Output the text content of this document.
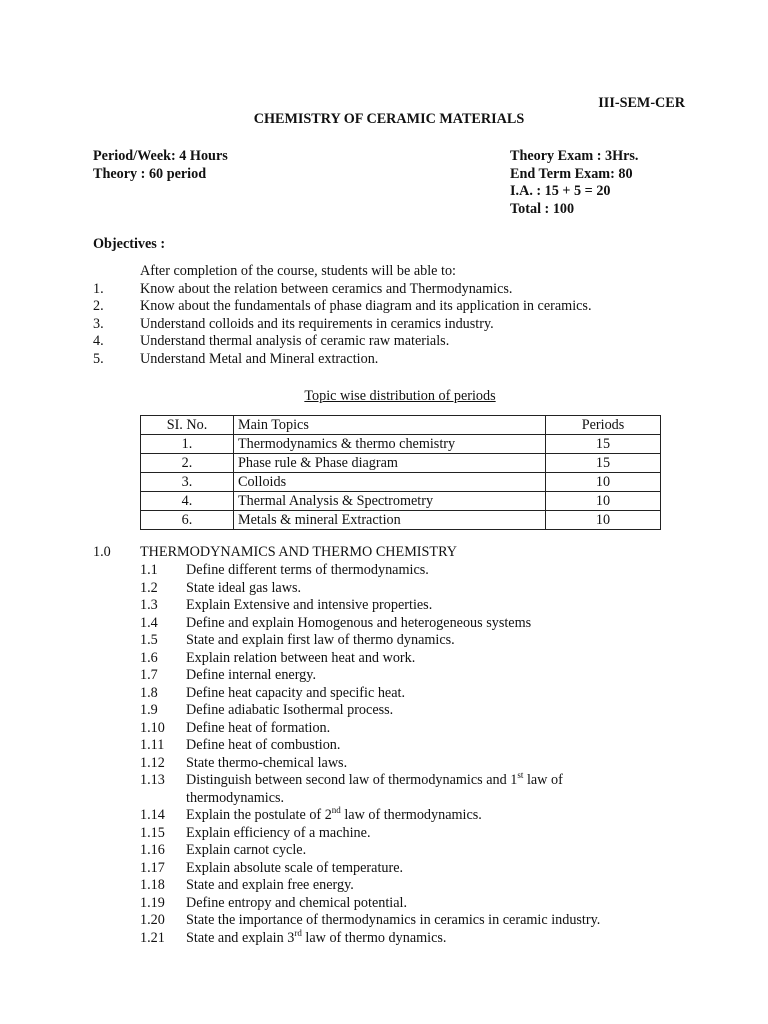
III-SEM-CER
CHEMISTRY OF CERAMIC MATERIALS
Period/Week: 4 Hours
Theory : 60 period
Theory Exam : 3Hrs.
End Term Exam: 80
I.A. : 15 + 5 = 20
Total : 100
Objectives :
After completion of the course, students will be able to:
1.	Know about the relation between ceramics and Thermodynamics.
2.	Know about the fundamentals of phase diagram and its application in ceramics.
3.	Understand colloids and its requirements in ceramics industry.
4.	Understand thermal analysis of ceramic raw materials.
5.	Understand Metal and Mineral extraction.
Topic wise distribution of periods
SI. No.	Main Topics	Periods
1.	Thermodynamics & thermo chemistry	15
2.	Phase rule & Phase diagram	15
3.	Colloids	10
4.	Thermal Analysis & Spectrometry	10
6.	Metals & mineral Extraction	10
1.0 THERMODYNAMICS AND THERMO CHEMISTRY
1.1	Define different terms of thermodynamics.
1.2	State ideal gas laws.
1.3	Explain Extensive and intensive properties.
1.4	Define and explain Homogenous and heterogeneous systems
1.5	State and explain first law of thermo dynamics.
1.6	Explain relation between heat and work.
1.7	Define internal energy.
1.8	Define heat capacity and specific heat.
1.9	Define adiabatic Isothermal process.
1.10	Define heat of formation.
1.11	Define heat of combustion.
1.12	State thermo-chemical laws.
1.13	Distinguish between second law of thermodynamics and 1st law of thermodynamics.
1.14	Explain the postulate of 2nd law of thermodynamics.
1.15	Explain efficiency of a machine.
1.16	Explain carnot cycle.
1.17	Explain absolute scale of temperature.
1.18	State and explain free energy.
1.19	Define entropy and chemical potential.
1.20	State the importance of thermodynamics in ceramics in ceramic industry.
1.21	State and explain 3rd law of thermo dynamics.
